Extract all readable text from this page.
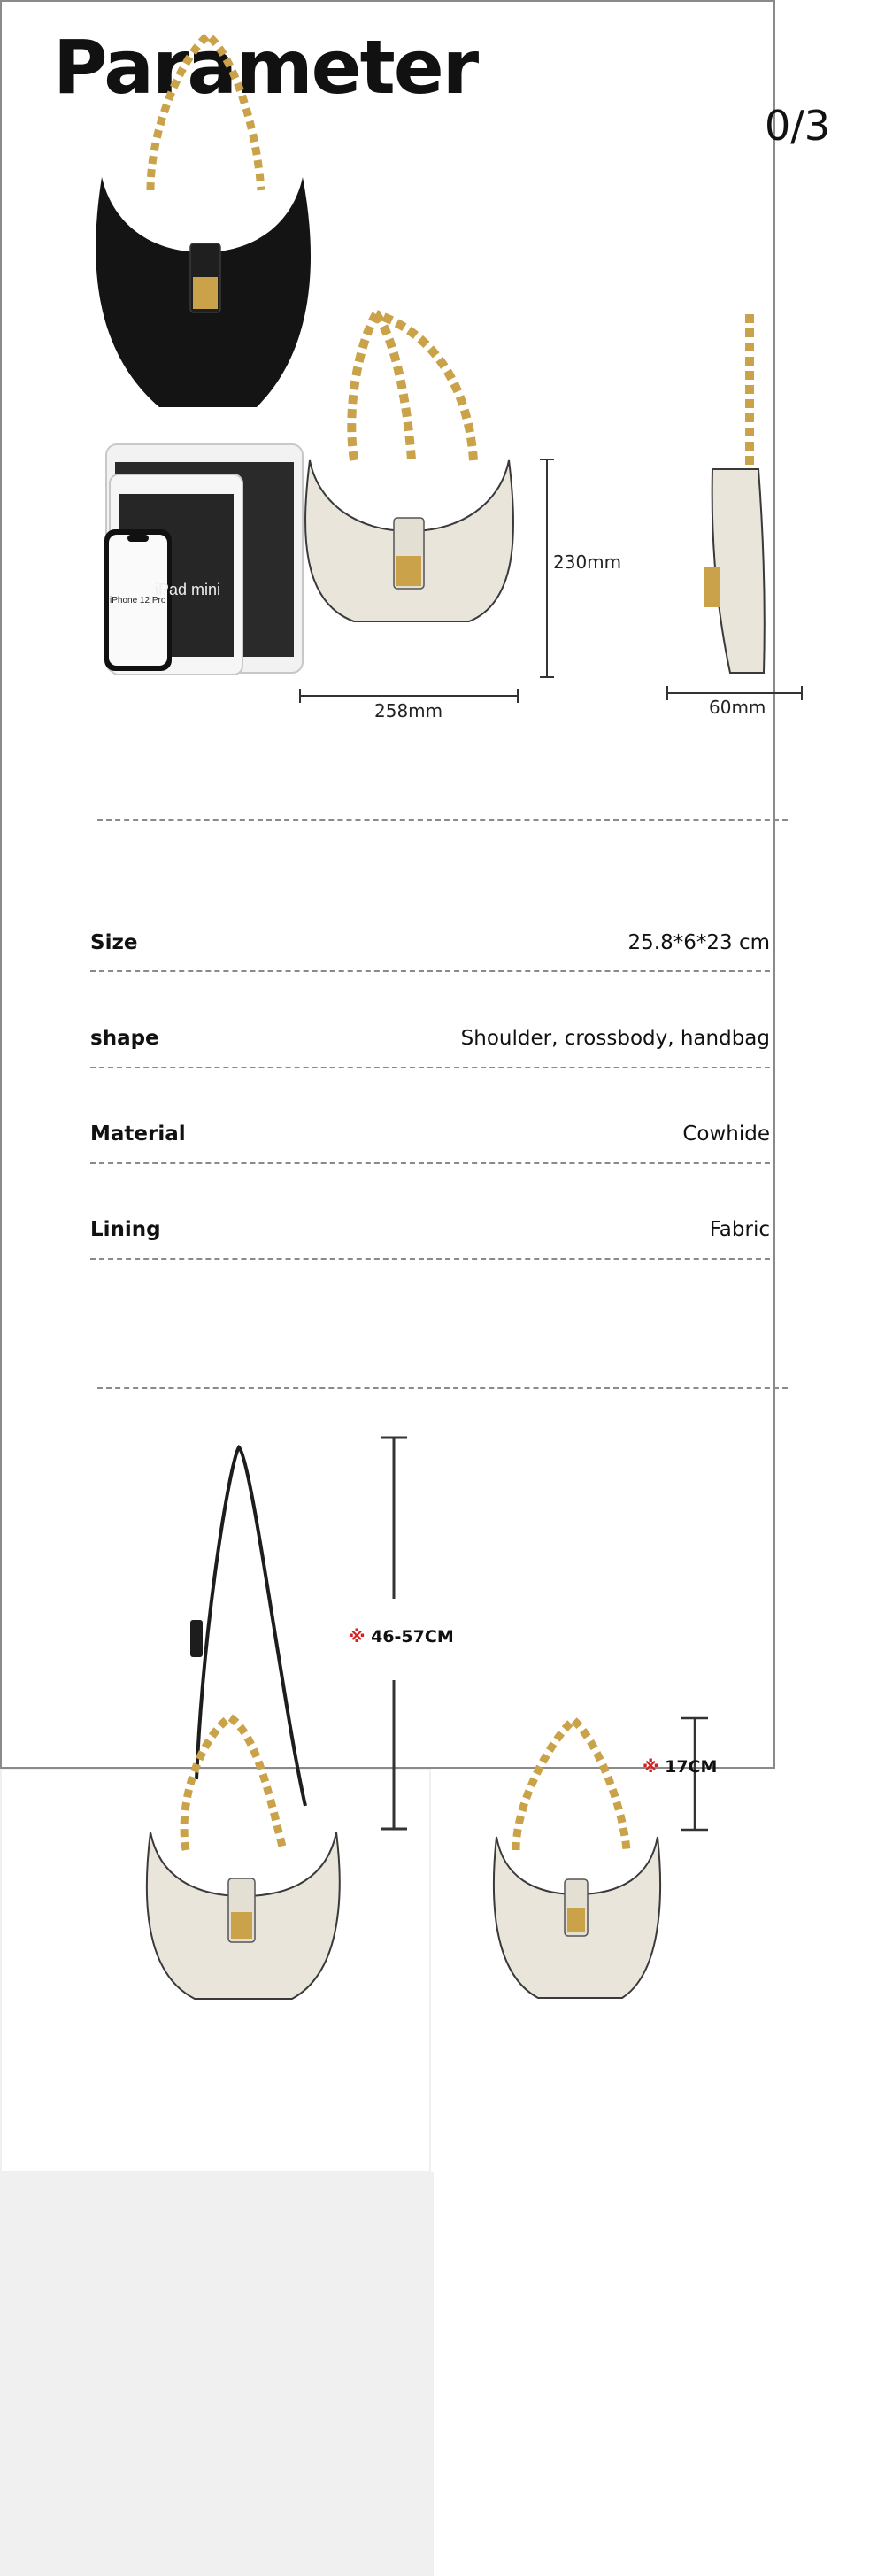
Parameter
0/3
iPad mini
iPhone 12 Pro
230mm
258mm	60mm
Size	25.8*6*23 cm
shape	Shoulder, crossbody, handbag
Material	Cowhide
Lining	Fabric
※ 46-57CM
※ 17CM
